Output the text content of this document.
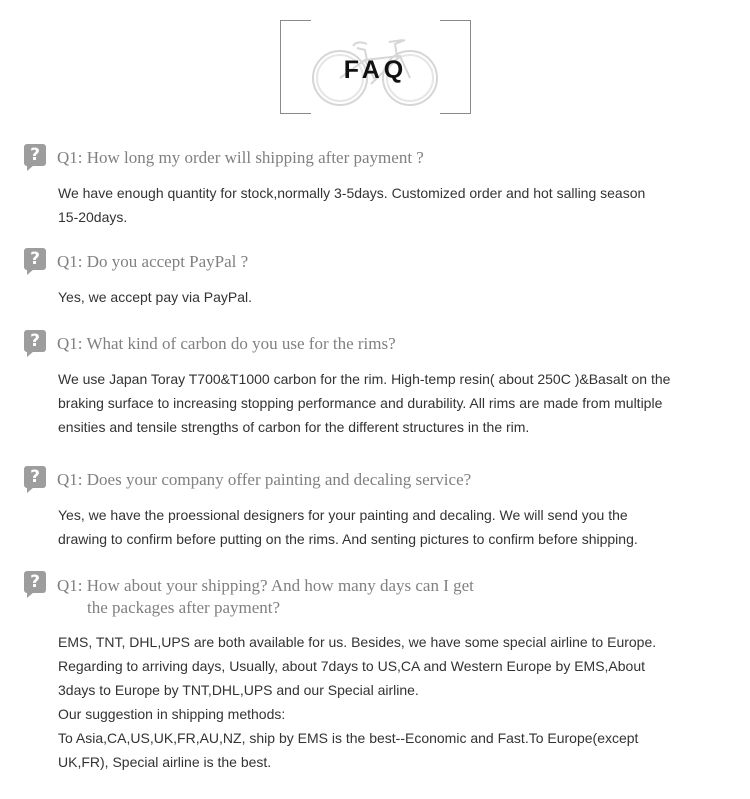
FAQ
?	Q1: How long my order will shipping after payment ?

We have enough quantity for stock,normally 3-5days. Customized order and hot salling season

15-20days.

?	Q1: Do you accept PayPal ?

Yes, we accept pay via PayPal.

?	Q1: What kind of carbon do you use for the rims?

We use Japan Toray T700&T1000 carbon for the rim. High-temp resin( about 250C )&Basalt on the

braking surface to increasing stopping performance and durability. All rims are made from multiple

ensities and tensile strengths of carbon for the different structures in the rim.

?	Q1: Does your company offer painting and decaling service?

Yes, we have the proessional designers for your painting and decaling. We will send you the

drawing to confirm before putting on the rims. And senting pictures to confirm before shipping.

?	Q1: How about your shipping? And how many days can I get
the packages after payment?

EMS, TNT, DHL,UPS are both available for us. Besides, we have some special airline to Europe.

Regarding to arriving days, Usually, about 7days to US,CA and Western Europe by EMS,About

3days to Europe by TNT,DHL,UPS and our Special airline.

Our suggestion in shipping methods:

To Asia,CA,US,UK,FR,AU,NZ, ship by EMS is the best--Economic and Fast.To Europe(except

UK,FR), Special airline is the best.
